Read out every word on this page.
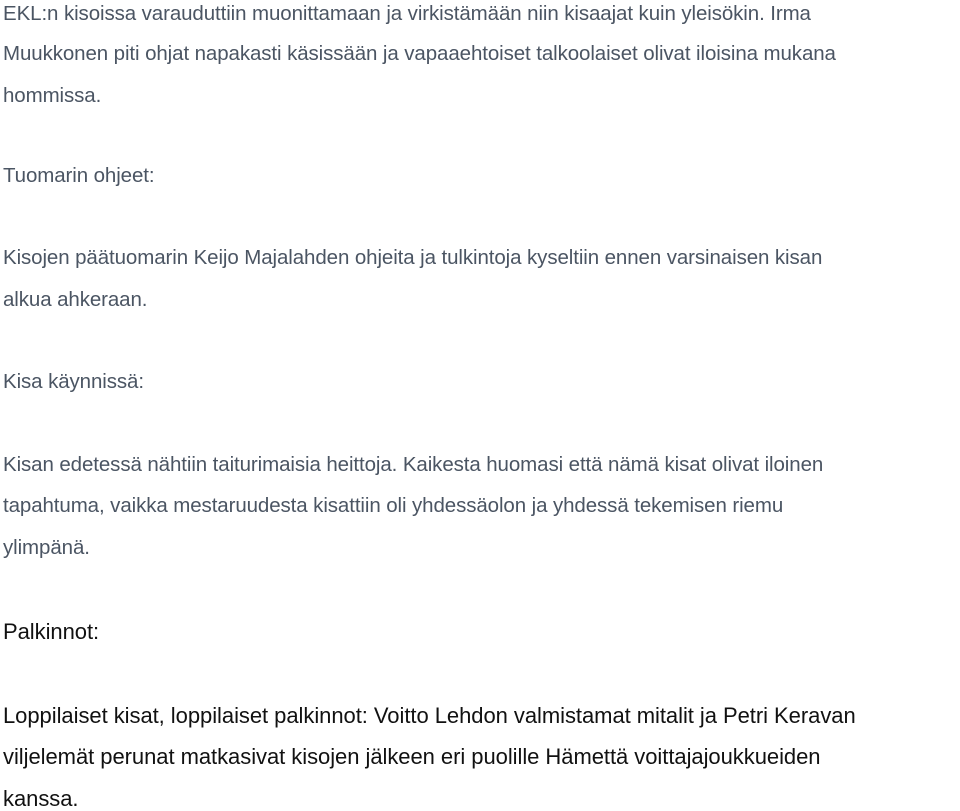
EKL:n kisoissa varauduttiin muonittamaan ja virkistämään niin kisaajat kuin yleisökin. Irma
Muukkonen piti ohjat napakasti käsissään ja vapaaehtoiset talkoolaiset olivat iloisina mukana
hommissa.
Tuomarin ohjeet:
Kisojen päätuomarin Keijo Majalahden ohjeita ja tulkintoja kyseltiin ennen varsinaisen kisan
alkua ahkeraan.
Kisa käynnissä:
Kisan edetessä nähtiin taiturimaisia heittoja. Kaikesta huomasi että nämä kisat olivat iloinen
tapahtuma, vaikka mestaruudesta kisattiin oli yhdessäolon ja yhdessä tekemisen riemu
ylimpänä.
Palkinnot:
Loppilaiset kisat, loppilaiset palkinnot: Voitto Lehdon valmistamat mitalit ja Petri Keravan
viljelemät perunat matkasivat kisojen jälkeen eri puolille Hämettä voittajajoukkueiden
kanssa.
